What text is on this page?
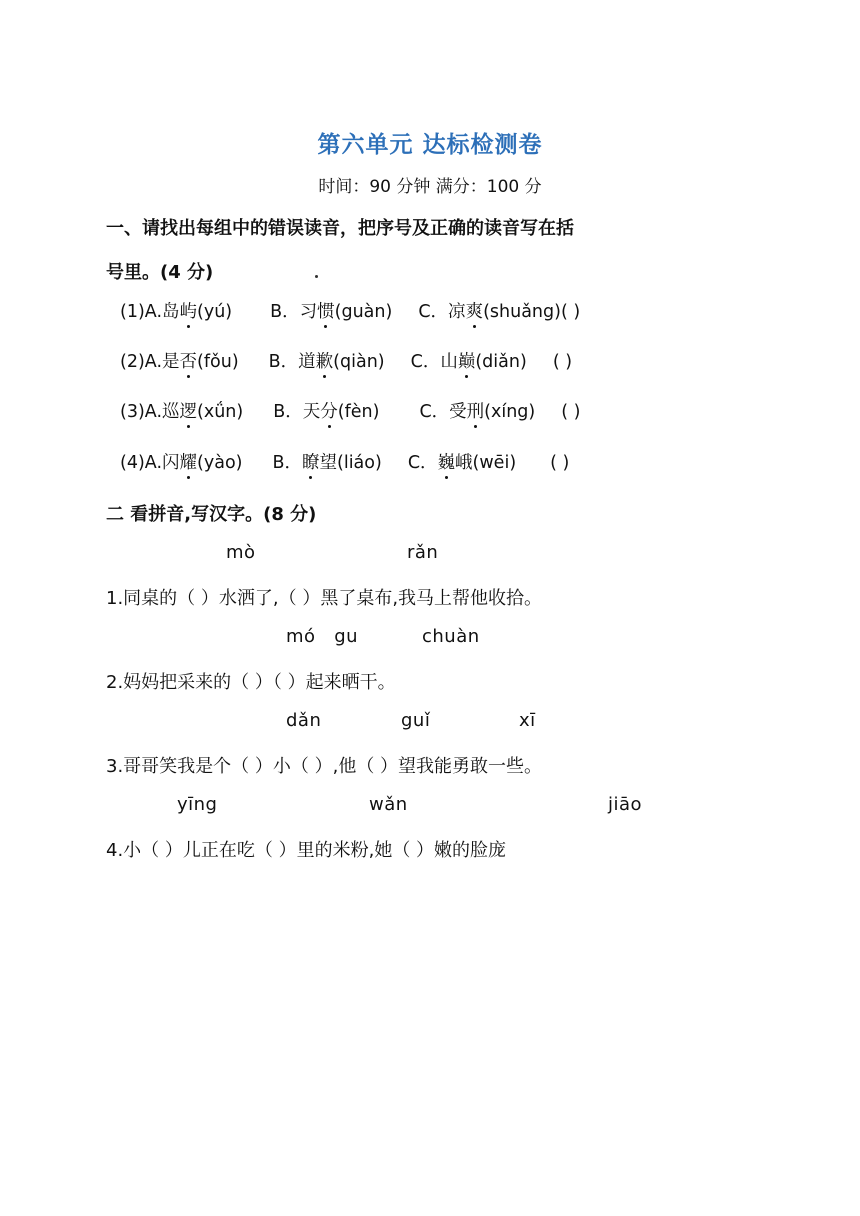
第六单元 达标检测卷
时间：90 分钟 满分：100 分
一、请找出每组中的错误读音，把序号及正确的读音写在括
号里。(4 分)
(1)A.岛屿(yú) B．习惯(guàn) C．凉爽(shuǎng)( )
(2)A.是否(fǒu) B．道歉(qiàn) C．山巅(diǎn) ( )
(3)A.巡逻(xǘn) B．天分(fèn) C．受刑(xíng) ( )
(4)A.闪耀(yào) B．瞭望(liáo) C．巍峨(wēi) ( )
二 看拼音,写汉字。(8 分)
mò	rǎn
1.同桌的（ ）水洒了,（ ）黑了桌布,我马上帮他收拾。
mó   gu	chuàn
2.妈妈把采来的（ ）（ ）起来晒干。
dǎn	guǐ	xī
3.哥哥笑我是个（ ）小（ ）,他（ ）望我能勇敢一些。
yīng	wǎn	jiāo
4.小（ ）儿正在吃（ ）里的米粉,她（ ）嫩的脸庞
